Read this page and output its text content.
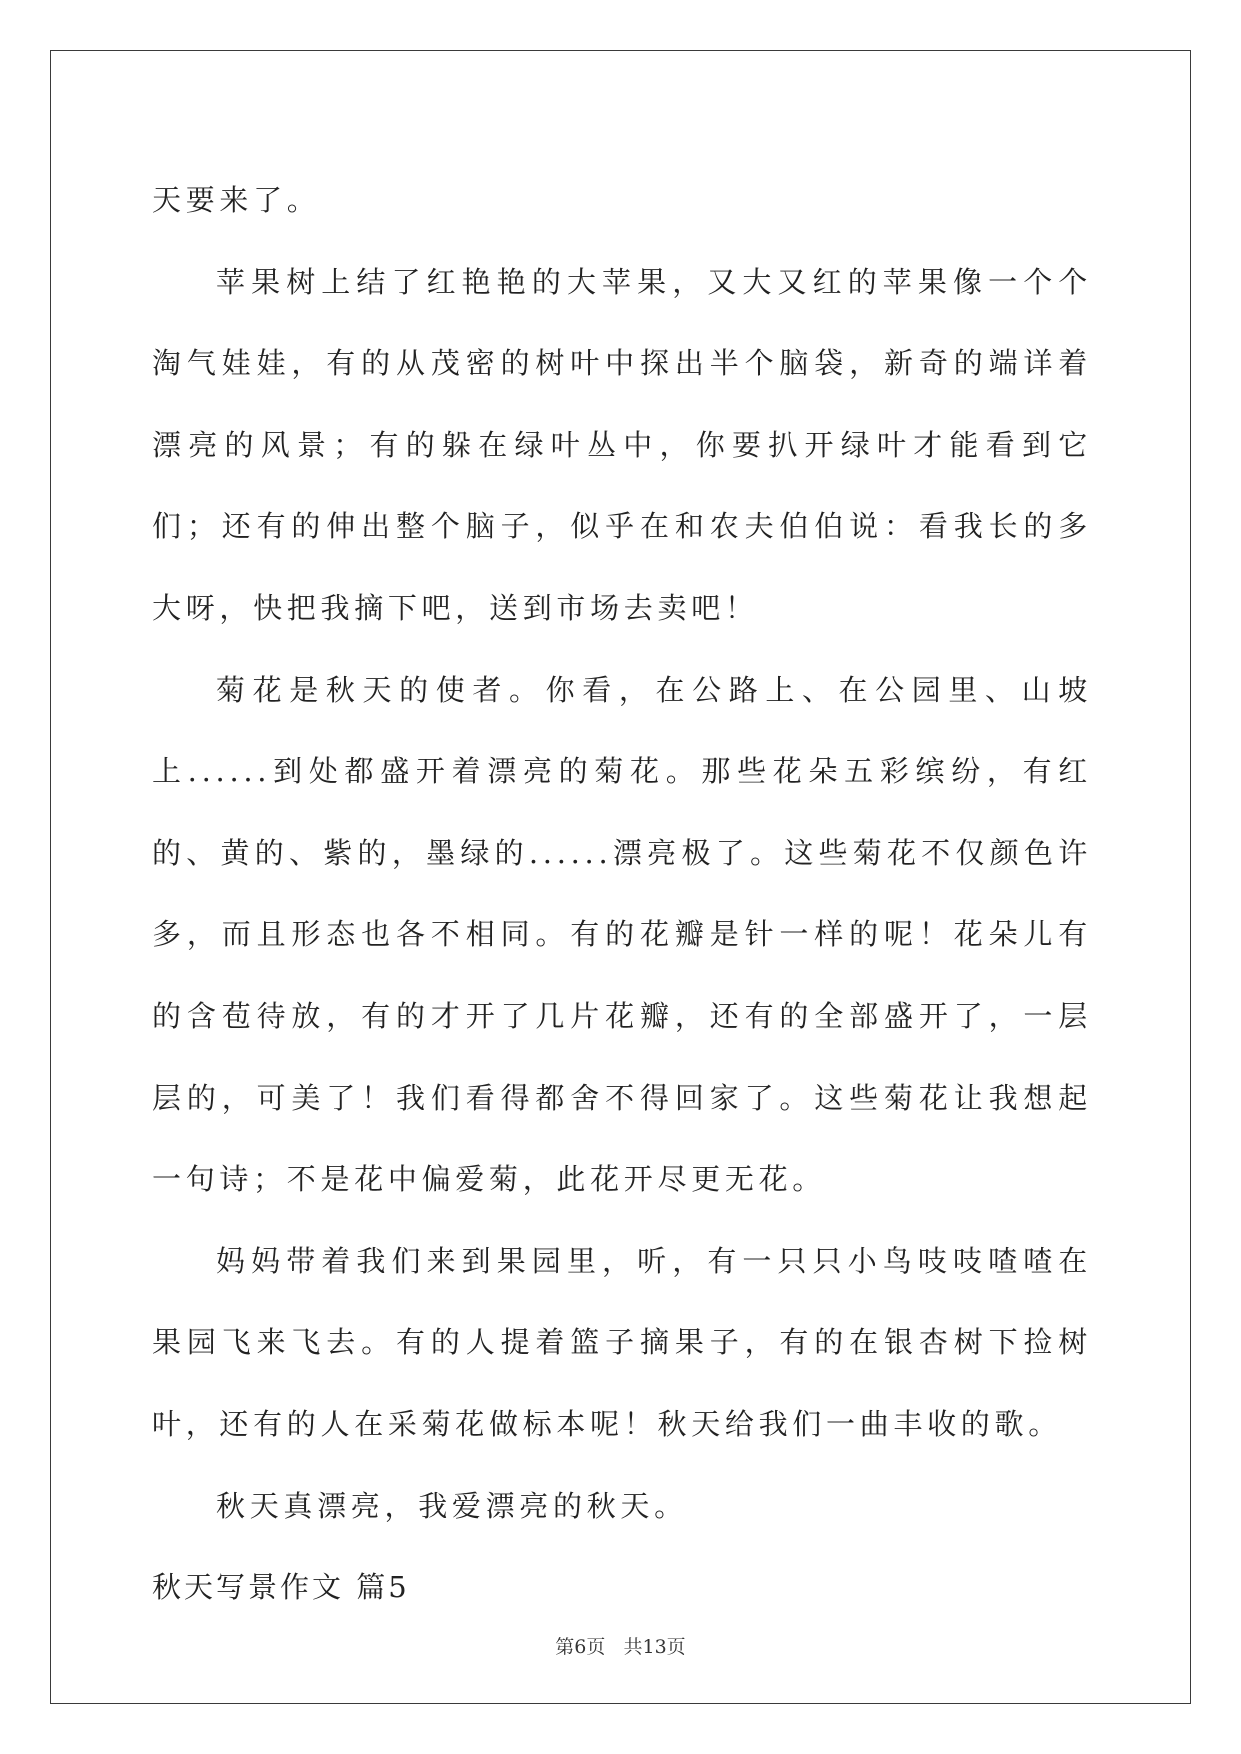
天要来了。

苹果树上结了红艳艳的大苹果，又大又红的苹果像一个个淘气娃娃，有的从茂密的树叶中探出半个脑袋，新奇的端详着漂亮的风景；有的躲在绿叶丛中，你要扒开绿叶才能看到它们；还有的伸出整个脑子，似乎在和农夫伯伯说：看我长的多大呀，快把我摘下吧，送到市场去卖吧！

菊花是秋天的使者。你看，在公路上、在公园里、山坡上......到处都盛开着漂亮的菊花。那些花朵五彩缤纷，有红的、黄的、紫的，墨绿的......漂亮极了。这些菊花不仅颜色许多，而且形态也各不相同。有的花瓣是针一样的呢！花朵儿有的含苞待放，有的才开了几片花瓣，还有的全部盛开了，一层层的，可美了！我们看得都舍不得回家了。这些菊花让我想起一句诗；不是花中偏爱菊，此花开尽更无花。

妈妈带着我们来到果园里，听，有一只只小鸟吱吱喳喳在果园飞来飞去。有的人提着篮子摘果子，有的在银杏树下捡树叶，还有的人在采菊花做标本呢！秋天给我们一曲丰收的歌。

秋天真漂亮，我爱漂亮的秋天。

秋天写景作文 篇5

第6页   共13页
